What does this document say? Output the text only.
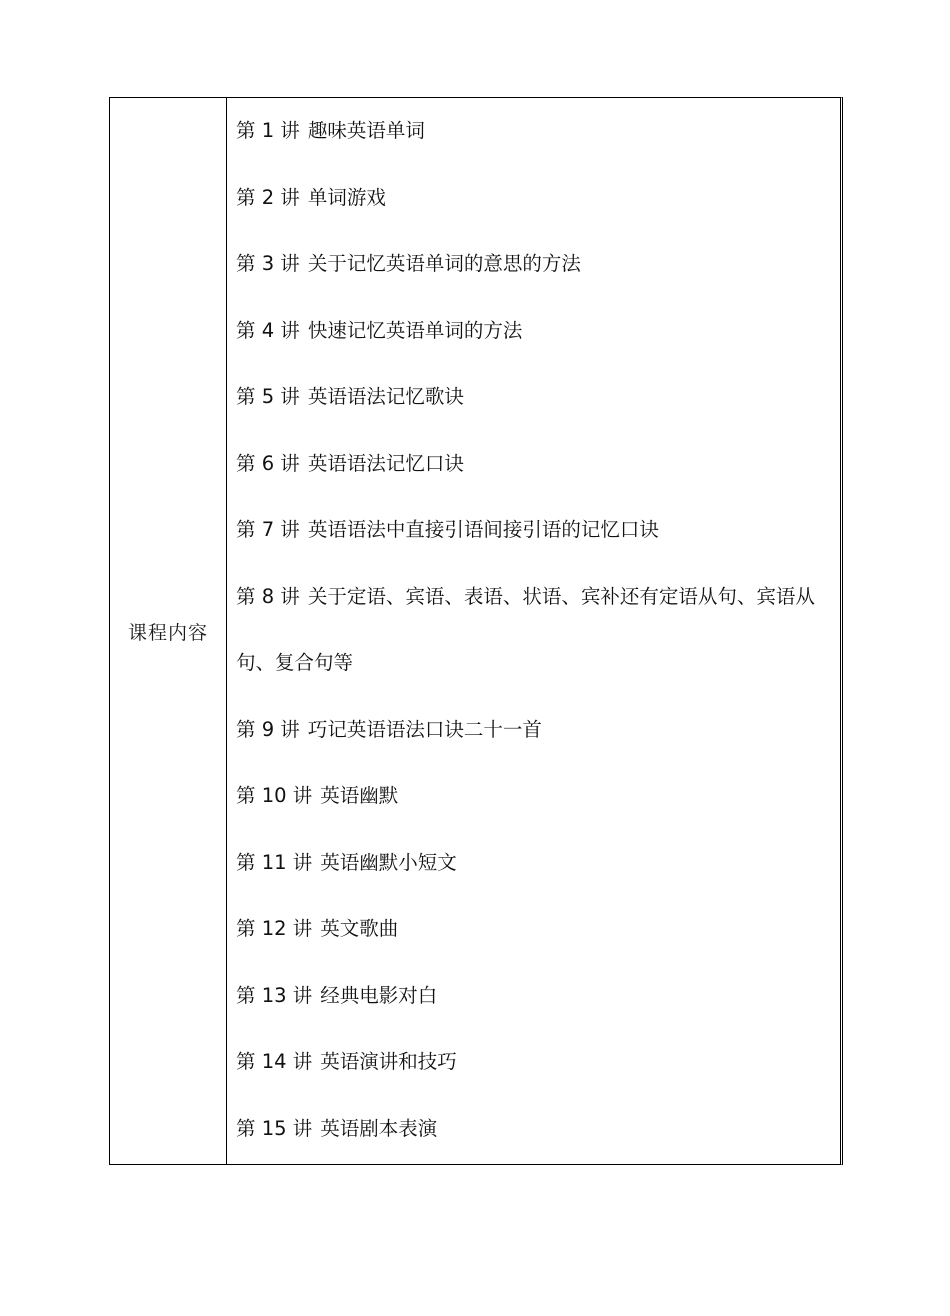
课程内容
第 1 讲 趣味英语单词
第 2 讲 单词游戏
第 3 讲 关于记忆英语单词的意思的方法
第 4 讲 快速记忆英语单词的方法
第 5 讲 英语语法记忆歌诀
第 6 讲 英语语法记忆口诀
第 7 讲 英语语法中直接引语间接引语的记忆口诀
第 8 讲 关于定语、宾语、表语、状语、宾补还有定语从句、宾语从句、复合句等
第 9 讲 巧记英语语法口诀二十一首
第 10 讲 英语幽默
第 11 讲 英语幽默小短文
第 12 讲 英文歌曲
第 13 讲 经典电影对白
第 14 讲 英语演讲和技巧
第 15 讲 英语剧本表演
